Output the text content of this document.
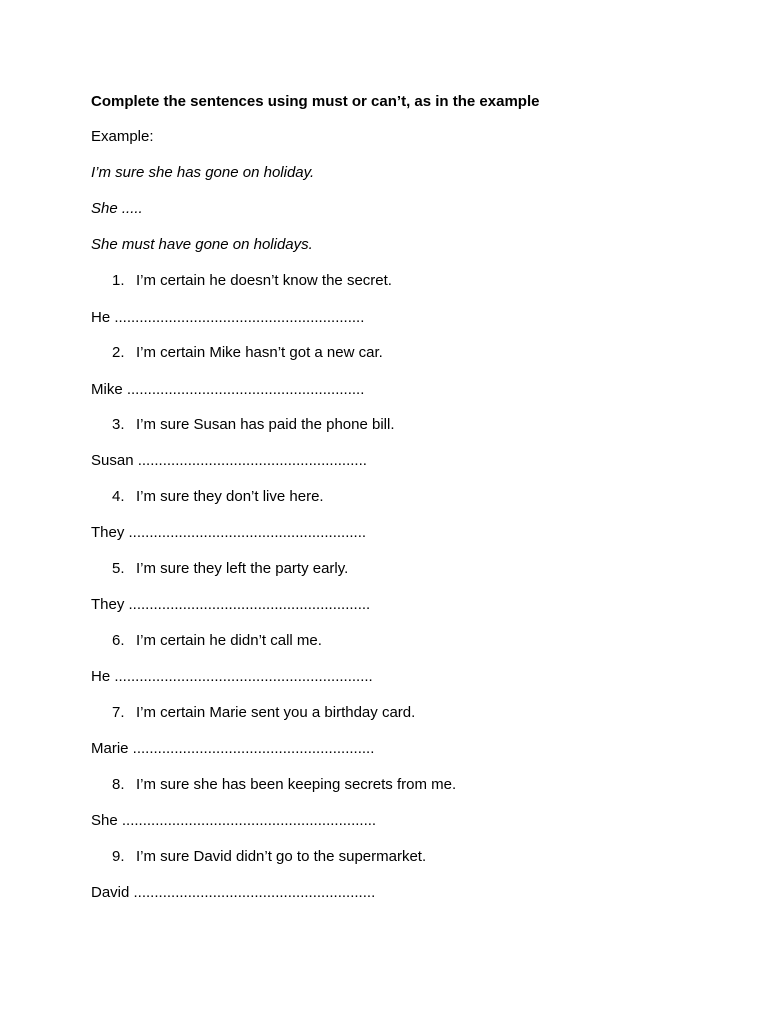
Complete the sentences using must or can’t, as in the example
Example:
I’m sure she has gone on holiday.
She .....
She must have gone on holidays.
1. I’m certain he doesn’t know the secret.
He ............................................................
2. I’m certain Mike hasn’t got a new car.
Mike .........................................................
3. I’m sure Susan has paid the phone bill.
Susan .......................................................
4. I’m sure they don’t live here.
They .........................................................
5. I’m sure they left the party early.
They ..........................................................
6. I’m certain he didn’t call me.
He ..............................................................
7. I’m certain Marie sent you a birthday card.
Marie ..........................................................
8. I’m sure she has been keeping secrets from me.
She .............................................................
9. I’m sure David didn’t go to the supermarket.
David ..........................................................
